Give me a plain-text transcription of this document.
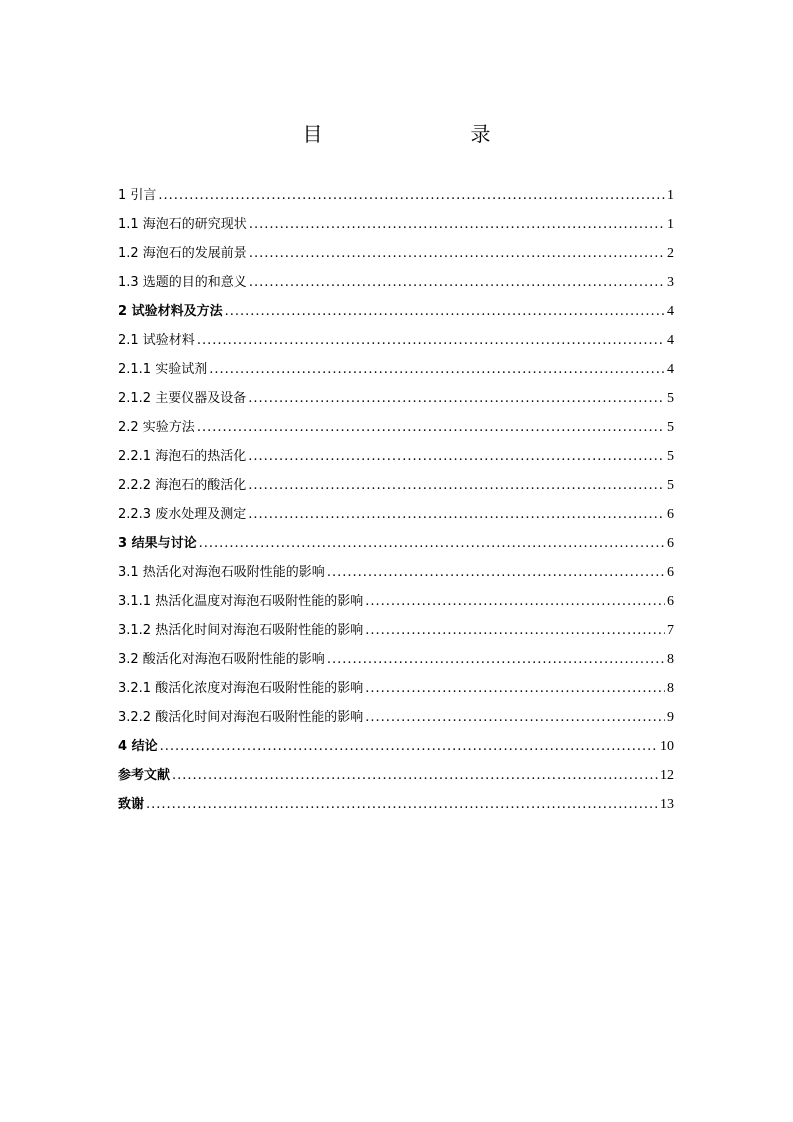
目　　录
1 引言 .....	1
1.1 海泡石的研究现状 .....	1
1.2 海泡石的发展前景 .....	2
1.3 选题的目的和意义 .....	3
2 试验材料及方法 .....	4
2.1 试验材料 .....	4
2.1.1 实验试剂 .....	4
2.1.2 主要仪器及设备 .....	5
2.2 实验方法 .....	5
2.2.1 海泡石的热活化 .....	5
2.2.2 海泡石的酸活化 .....	5
2.2.3 废水处理及测定 .....	6
3 结果与讨论 .....	6
3.1 热活化对海泡石吸附性能的影响 .....	6
3.1.1 热活化温度对海泡石吸附性能的影响 .....	6
3.1.2 热活化时间对海泡石吸附性能的影响 .....	7
3.2 酸活化对海泡石吸附性能的影响 .....	8
3.2.1 酸活化浓度对海泡石吸附性能的影响 .....	8
3.2.2 酸活化时间对海泡石吸附性能的影响 .....	9
4 结论 .....	10
参考文献 .....	12
致谢 .....	13
